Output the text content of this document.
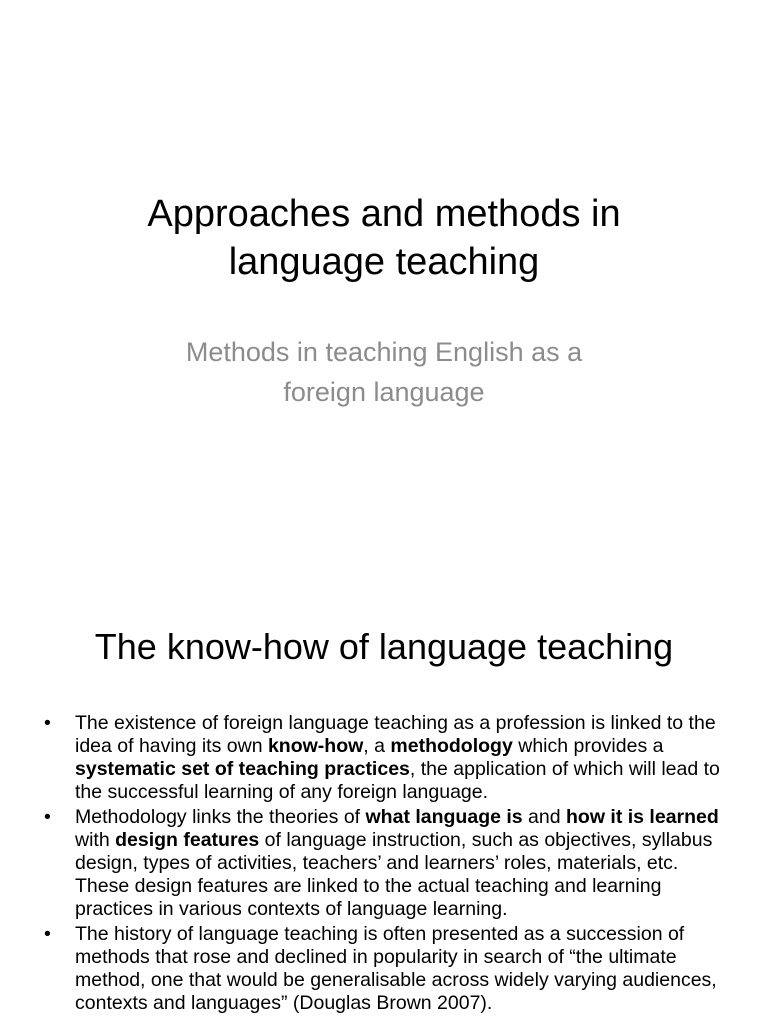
Approaches and methods in
language teaching

Methods in teaching English as a
foreign language

The know-how of language teaching
•	The existence of foreign language teaching as a profession is linked to the idea of having its own know-how, a methodology which provides a systematic set of teaching practices, the application of which will lead to the successful learning of any foreign language.
•	Methodology links the theories of what language is and how it is learned with design features of language instruction, such as objectives, syllabus design, types of activities, teachers’ and learners’ roles, materials, etc. These design features are linked to the actual teaching and learning practices in various contexts of language learning.
•	The history of language teaching is often presented as a succession of methods that rose and declined in popularity in search of “the ultimate method, one that would be generalisable across widely varying audiences, contexts and languages” (Douglas Brown 2007).
